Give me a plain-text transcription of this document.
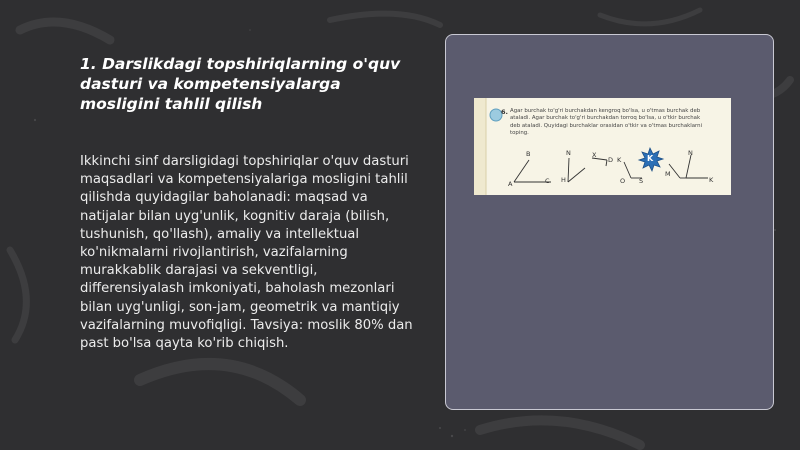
1. Darslikdagi topshiriqlarning o'quv dasturi va kompetensiyalarga mosligini tahlil qilish

Ikkinchi sinf darsligidagi topshiriqlar o'quv dasturi maqsadlari va kompetensiyalariga mosligini tahlil qilishda quyidagilar baholanadi: maqsad va natijalar bilan uyg'unlik, kognitiv daraja (bilish, tushunish, qo'llash), amaliy va intellektual ko'nikmalarni rivojlantirish, vazifalarning murakkablik darajasi va sekventligi, differensiyalash imkoniyati, baholash mezonlari bilan uyg'unligi, son-jam, geometrik va mantiqiy vazifalarning muvofiqligi. Tavsiya: moslik 80% dan past bo'lsa qayta ko'rib chiqish.

6. Agar burchak to'g'ri burchakdan kengroq bo'lsa, u o'tmas burchak deb ataladi. Agar burchak to'g'ri burchakdan torroq bo'lsa, u o'tkir burchak deb ataladi. Quyidagi burchaklar orasidan o'tkir va o'tmas burchaklarni toping.
B
A	C
N
H
X
D K
O S
M
N
K
K
